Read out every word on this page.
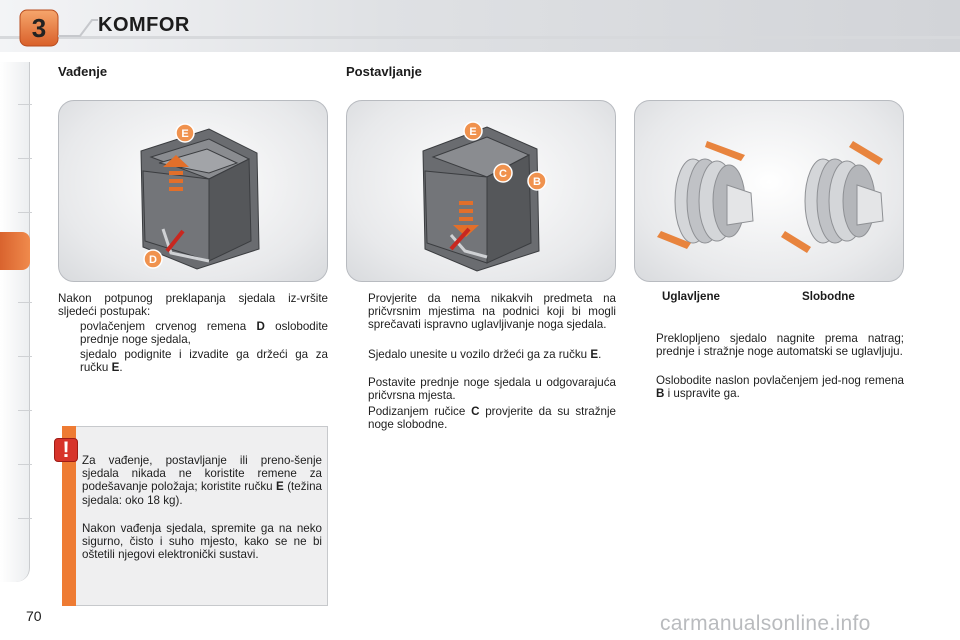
3	KOMFOR
Vađenje	Postavljanje
E
D
E
C
B
Nakon potpunog preklapanja sjedala iz-vršite sljedeći postupak:
povlačenjem crvenog remena D oslobodite prednje noge sjedala,
sjedalo podignite i izvadite ga držeći ga za ručku E.
!	Za vađenje, postavljanje ili preno-šenje sjedala nikada ne koristite remene za podešavanje položaja; koristite ručku E (težina sjedala: oko 18 kg).
Nakon vađenja sjedala, spremite ga na neko sigurno, čisto i suho mjesto, kako se ne bi oštetili njegovi elektronički sustavi.
Provjerite da nema nikakvih predmeta na pričvrsnim mjestima na podnici koji bi mogli sprečavati ispravno uglavljivanje noga sjedala.
Sjedalo unesite u vozilo držeći ga za ručku E.
Postavite prednje noge sjedala u odgovarajuća pričvrsna mjesta.
Podizanjem ručice C provjerite da su stražnje noge slobodne.
Uglavljene	Slobodne
Preklopljeno sjedalo nagnite prema natrag; prednje i stražnje noge automatski se uglavljuju.
Oslobodite naslon povlačenjem jed-nog remena B i uspravite ga.
70	carmanualsonline.info
